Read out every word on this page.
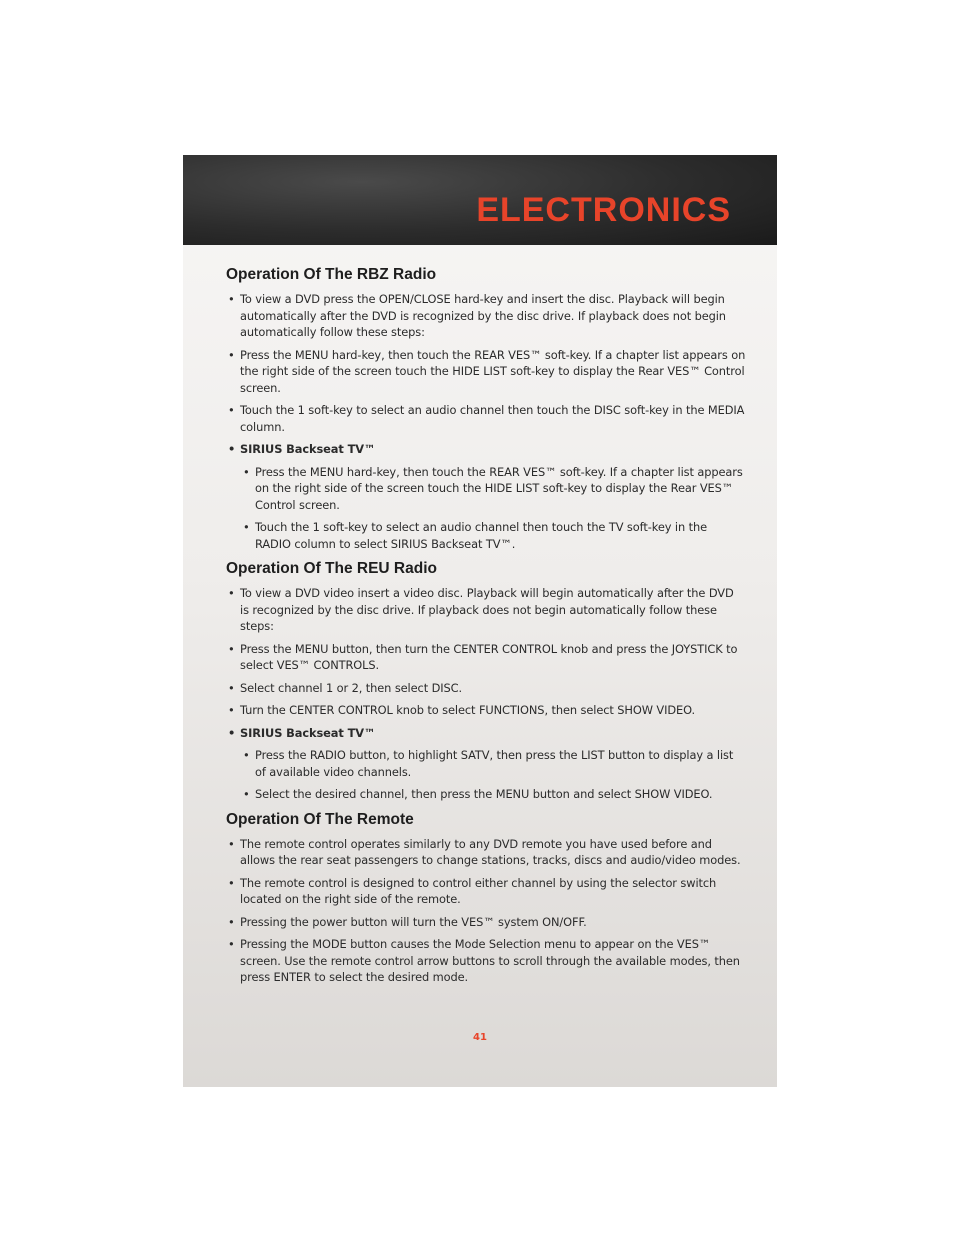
ELECTRONICS
Operation Of The RBZ Radio
• To view a DVD press the OPEN/CLOSE hard-key and insert the disc. Playback will begin automatically after the DVD is recognized by the disc drive. If playback does not begin automatically follow these steps:
• Press the MENU hard-key, then touch the REAR VES™ soft-key. If a chapter list appears on the right side of the screen touch the HIDE LIST soft-key to display the Rear VES™ Control screen.
• Touch the 1 soft-key to select an audio channel then touch the DISC soft-key in the MEDIA column.
• SIRIUS Backseat TV™
• Press the MENU hard-key, then touch the REAR VES™ soft-key. If a chapter list appears on the right side of the screen touch the HIDE LIST soft-key to display the Rear VES™ Control screen.
• Touch the 1 soft-key to select an audio channel then touch the TV soft-key in the RADIO column to select SIRIUS Backseat TV™.
Operation Of The REU Radio
• To view a DVD video insert a video disc. Playback will begin automatically after the DVD is recognized by the disc drive. If playback does not begin automatically follow these steps:
• Press the MENU button, then turn the CENTER CONTROL knob and press the JOYSTICK to select VES™ CONTROLS.
• Select channel 1 or 2, then select DISC.
• Turn the CENTER CONTROL knob to select FUNCTIONS, then select SHOW VIDEO.
• SIRIUS Backseat TV™
• Press the RADIO button, to highlight SATV, then press the LIST button to display a list of available video channels.
• Select the desired channel, then press the MENU button and select SHOW VIDEO.
Operation Of The Remote
• The remote control operates similarly to any DVD remote you have used before and allows the rear seat passengers to change stations, tracks, discs and audio/video modes.
• The remote control is designed to control either channel by using the selector switch located on the right side of the remote.
• Pressing the power button will turn the VES™ system ON/OFF.
• Pressing the MODE button causes the Mode Selection menu to appear on the VES™ screen. Use the remote control arrow buttons to scroll through the available modes, then press ENTER to select the desired mode.
41
